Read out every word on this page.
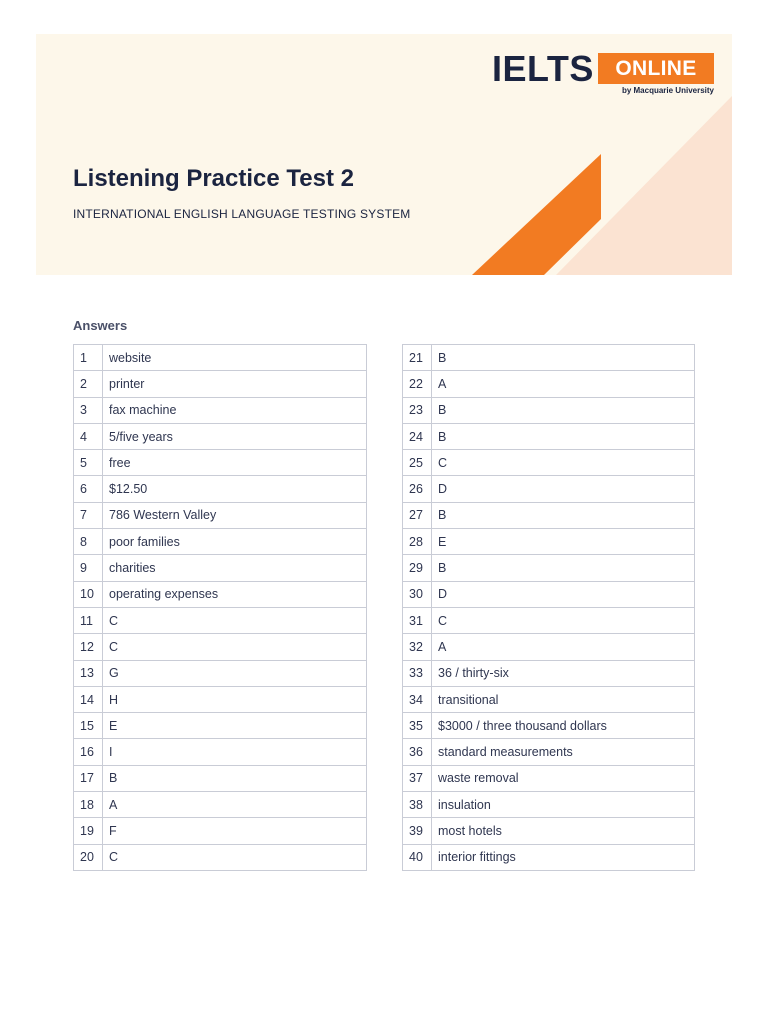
IELTS	ONLINE
by Macquarie University
Listening Practice Test 2
INTERNATIONAL ENGLISH LANGUAGE TESTING SYSTEM
Answers
1	website
2	printer
3	fax machine
4	5/five years
5	free
6	$12.50
7	786 Western Valley
8	poor families
9	charities
10	operating expenses
11	C
12	C
13	G
14	H
15	E
16	I
17	B
18	A
19	F
20	C
21	B
22	A
23	B
24	B
25	C
26	D
27	B
28	E
29	B
30	D
31	C
32	A
33	36 / thirty-six
34	transitional
35	$3000 / three thousand dollars
36	standard measurements
37	waste removal
38	insulation
39	most hotels
40	interior fittings
